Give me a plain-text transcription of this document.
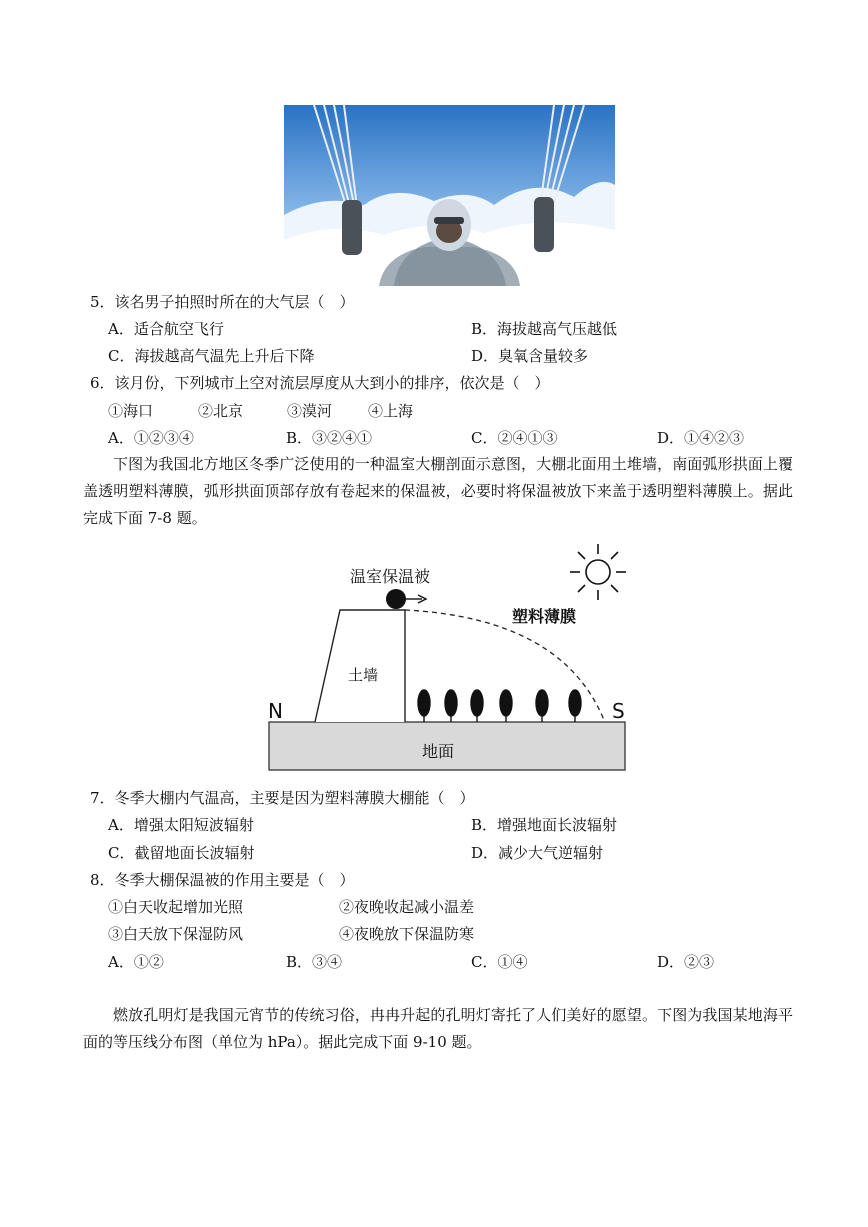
5．该名男子拍照时所在的大气层（　）
A．适合航空飞行	B．海拔越高气压越低
C．海拔越高气温先上升后下降	D．臭氧含量较多
6．该月份，下列城市上空对流层厚度从大到小的排序，依次是（　）
①海口	②北京	③漠河 ④上海
A．①②③④	B．③②④①	C．②④①③	D．①④②③
下图为我国北方地区冬季广泛使用的一种温室大棚剖面示意图，大棚北面用土堆墙，南面弧形拱面上覆盖透明塑料薄膜，弧形拱面顶部存放有卷起来的保温被，必要时将保温被放下来盖于透明塑料薄膜上。据此完成下面 7-8 题。
温室保温被
塑料薄膜
土墙
地面
N	S
7．冬季大棚内气温高，主要是因为塑料薄膜大棚能（　）
A．增强太阳短波辐射	B．增强地面长波辐射
C．截留地面长波辐射	D．减少大气逆辐射
8．冬季大棚保温被的作用主要是（　）
①白天收起增加光照	②夜晚收起减小温差
③白天放下保湿防风	④夜晚放下保温防寒
A．①②	B．③④	C．①④	D．②③
燃放孔明灯是我国元宵节的传统习俗，冉冉升起的孔明灯寄托了人们美好的愿望。下图为我国某地海平面的等压线分布图（单位为 hPa）。据此完成下面 9-10 题。
